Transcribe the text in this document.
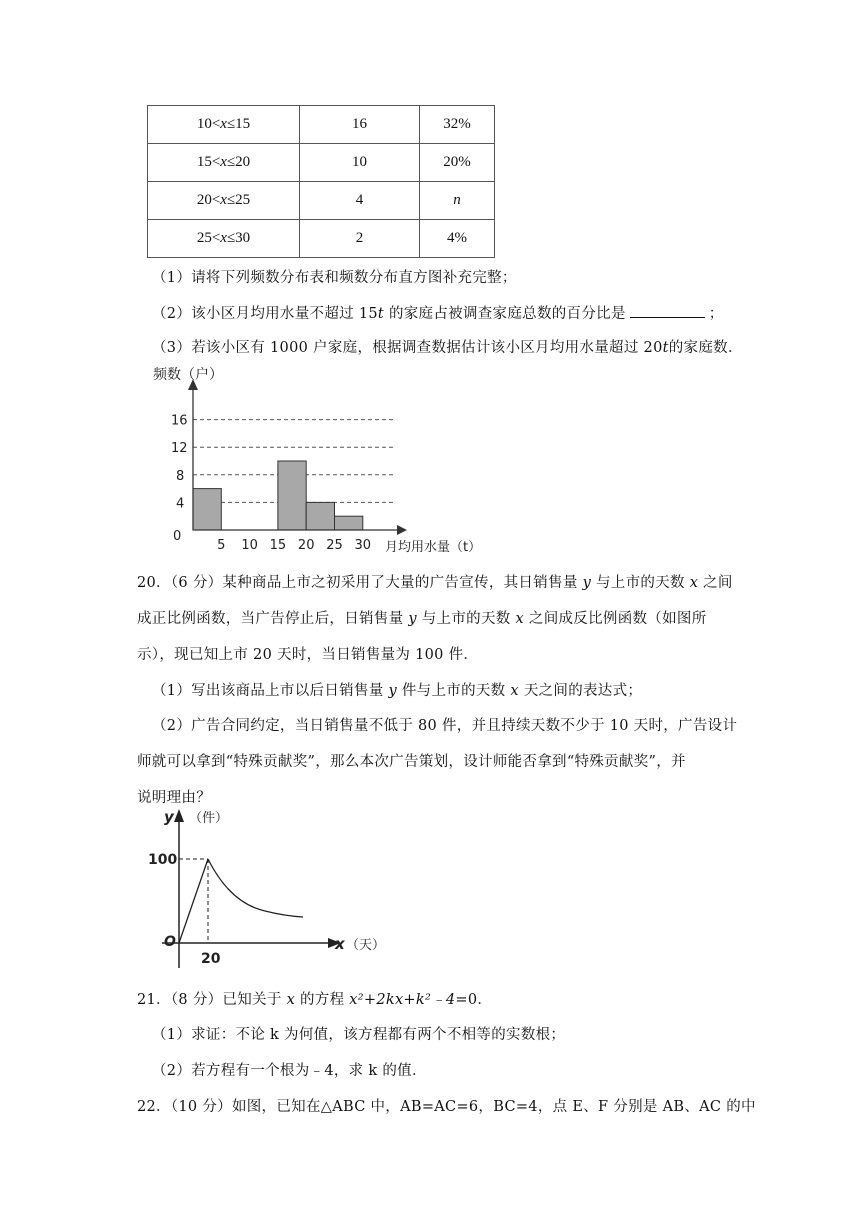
10<x≤15	16	32%
15<x≤20	10	20%
20<x≤25	4	n
25<x≤30	2	4%
（1）请将下列频数分布表和频数分布直方图补充完整；
（2）该小区月均用水量不超过 15t 的家庭占被调查家庭总数的百分比是	；
（3）若该小区有 1000 户家庭，根据调查数据估计该小区月均用水量超过 20t的家庭数．
频数（户）
月均用水量（t）
0
4
8
12
16
5 10 15 20 25 30
20．（6 分）某种商品上市之初采用了大量的广告宣传，其日销售量 y 与上市的天数 x 之间
成正比例函数，当广告停止后，日销售量 y 与上市的天数 x 之间成反比例函数（如图所
示），现已知上市 20 天时，当日销售量为 100 件．
（1）写出该商品上市以后日销售量 y 件与上市的天数 x 天之间的表达式；
（2）广告合同约定，当日销售量不低于 80 件，并且持续天数不少于 10 天时，广告设计
师就可以拿到“特殊贡献奖”，那么本次广告策划，设计师能否拿到“特殊贡献奖”，并
说明理由？
y （件）
x （天）
O
100
20
21．（8 分）已知关于 x 的方程 x²+2kx+k²﹣4=0．
（1）求证：不论 k 为何值，该方程都有两个不相等的实数根；
（2）若方程有一个根为﹣4，求 k 的值．
22．（10 分）如图，已知在△ABC 中，AB=AC=6，BC=4，点 E、F 分别是 AB、AC 的中
